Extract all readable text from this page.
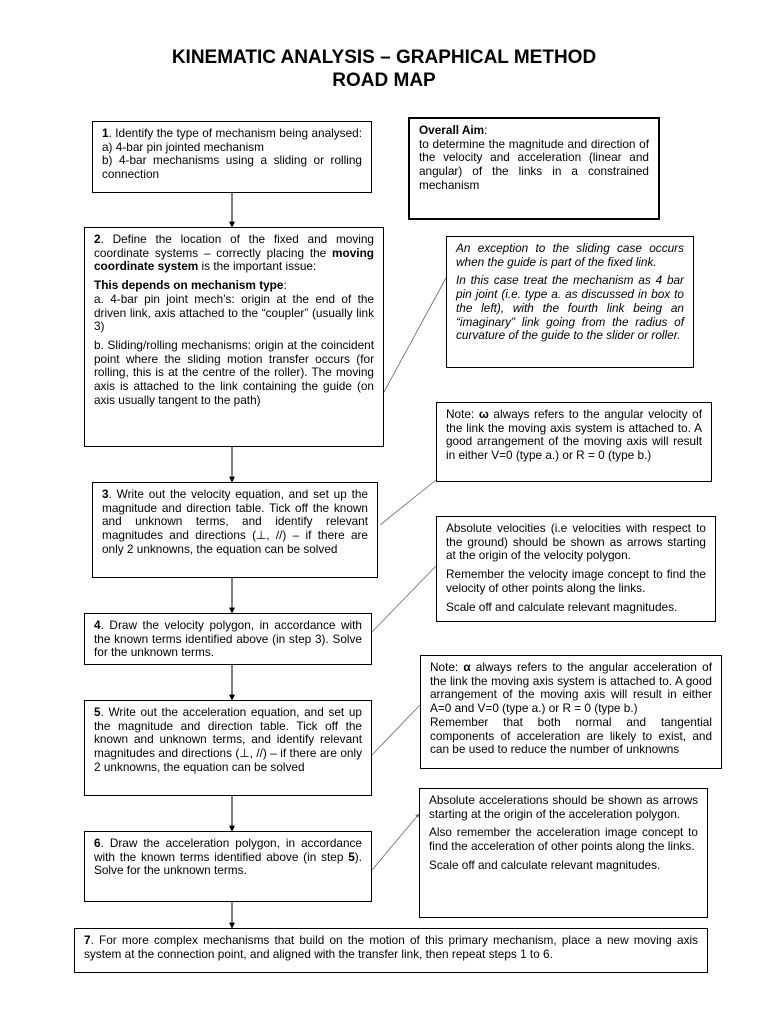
KINEMATIC ANALYSIS – GRAPHICAL METHOD
ROAD MAP

1. Identify the type of mechanism being analysed: a) 4-bar pin jointed mechanism
b) 4-bar mechanisms using a sliding or rolling connection

Overall Aim:
to determine the magnitude and direction of the velocity and acceleration (linear and angular) of the links in a constrained mechanism

2. Define the location of the fixed and moving coordinate systems – correctly placing the moving coordinate system is the important issue:

This depends on mechanism type:

a. 4-bar pin joint mech’s: origin at the end of the driven link, axis attached to the “coupler” (usually link 3)

b. Sliding/rolling mechanisms: origin at the coincident point where the sliding motion transfer occurs (for rolling, this is at the centre of the roller). The moving axis is attached to the link containing the guide (on axis usually tangent to the path)

An exception to the sliding case occurs when the guide is part of the fixed link.

In this case treat the mechanism as 4 bar pin joint (i.e. type a. as discussed in box to the left), with the fourth link being an “imaginary” link going from the radius of curvature of the guide to the slider or roller.

Note: ω always refers to the angular velocity of the link the moving axis system is attached to. A good arrangement of the moving axis will result in either V=0 (type a.) or R = 0 (type b.)

3. Write out the velocity equation, and set up the magnitude and direction table. Tick off the known and unknown terms, and identify relevant magnitudes and directions (⊥, //) – if there are only 2 unknowns, the equation can be solved

Absolute velocities (i.e velocities with respect to the ground) should be shown as arrows starting at the origin of the velocity polygon.

Remember the velocity image concept to find the velocity of other points along the links.

Scale off and calculate relevant magnitudes.

4. Draw the velocity polygon, in accordance with the known terms identified above (in step 3). Solve for the unknown terms.

Note: α always refers to the angular acceleration of the link the moving axis system is attached to. A good arrangement of the moving axis will result in either A=0 and V=0 (type a.) or R = 0 (type b.)

Remember that both normal and tangential components of acceleration are likely to exist, and can be used to reduce the number of unknowns

5. Write out the acceleration equation, and set up the magnitude and direction table. Tick off the known and unknown terms, and identify relevant magnitudes and directions (⊥, //) – if there are only 2 unknowns, the equation can be solved

Absolute accelerations should be shown as arrows starting at the origin of the acceleration polygon.

Also remember the acceleration image concept to find the acceleration of other points along the links.

Scale off and calculate relevant magnitudes.

6. Draw the acceleration polygon, in accordance with the known terms identified above (in step 5). Solve for the unknown terms.

7. For more complex mechanisms that build on the motion of this primary mechanism, place a new moving axis system at the connection point, and aligned with the transfer link, then repeat steps 1 to 6.
